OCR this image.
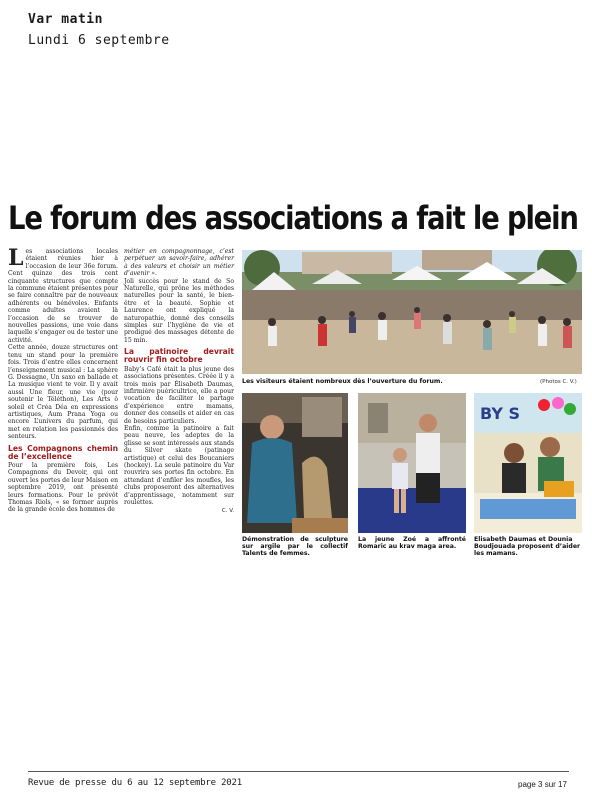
Var matin
Lundi 6 septembre
Le forum des associations a fait le plein

Les associations locales étaient réunies hier à l’occasion de leur 36e forum. Cent quinze des trois cent cinquante structures que compte la commune étaient présentes pour se faire connaître par de nouveaux adhérents ou bénévoles. Enfants comme adultes avaient là l’occasion de se trouver de nouvelles passions, une voie dans laquelle s’engager ou de tester une activité.

Cette année, douze structures ont tenu un stand pour la première fois. Trois d’entre elles concernent l’enseignement musical : La sphère G. Dessagne, Un saxo en ballade et La musique vient te voir. Il y avait aussi Une fleur, une vie (pour soutenir le Téléthon), Les Arts ô soleil et Créa Déa en expressions artistiques, Aum Prana Yoga ou encore L’univers du parfum, qui met en relation les passionnés des senteurs.

Les Compagnons chemin de l’excellence

Pour la première fois, Les Compagnons du Devoir, qui ont ouvert les portes de leur Maison en septembre 2019, ont présenté leurs formations. Pour le prévôt Thomas Riols, « se former auprès de la grande école des hommes de

métier en compagnonnage, c’est perpétuer un savoir-faire, adhérer à des valeurs et choisir un métier d’avenir ».

Joli succès pour le stand de So Naturelle, qui prône les méthodes naturelles pour la santé, le bien-être et la beauté. Sophie et Laurence ont expliqué la naturopathie, donné des conseils simples sur l’hygiène de vie et prodigué des massages détente de 15 min.

La patinoire devrait rouvrir fin octobre

Baby’s Café était la plus jeune des associations présentes. Créée il y a trois mois par Élisabeth Daumas, infirmière puéricultrice, elle a pour vocation de faciliter le partage d’expérience entre mamans, donner des conseils et aider en cas de besoins particuliers.

Enfin, comme la patinoire a fait peau neuve, les adeptes de la glisse se sont intéressés aux stands du Silver skate (patinage artistique) et celui des Boucaniers (hockey). La seule patinoire du Var rouvrira ses portes fin octobre. En attendant d’enfiler les moufles, les clubs proposeront des alternatives d’apprentissage, notamment sur roulettes.

C. V.
Les visiteurs étaient nombreux dès l’ouverture du forum.	(Photos C. V.)
Démonstration de sculpture sur argile par le collectif Talents de femmes.
La jeune Zoé a affronté Romaric au krav maga area.
BY S
Elisabeth Daumas et Dounia Boudjouada proposent d’aider les mamans.
Revue de presse du 6 au 12 septembre 2021	page 3 sur 17
